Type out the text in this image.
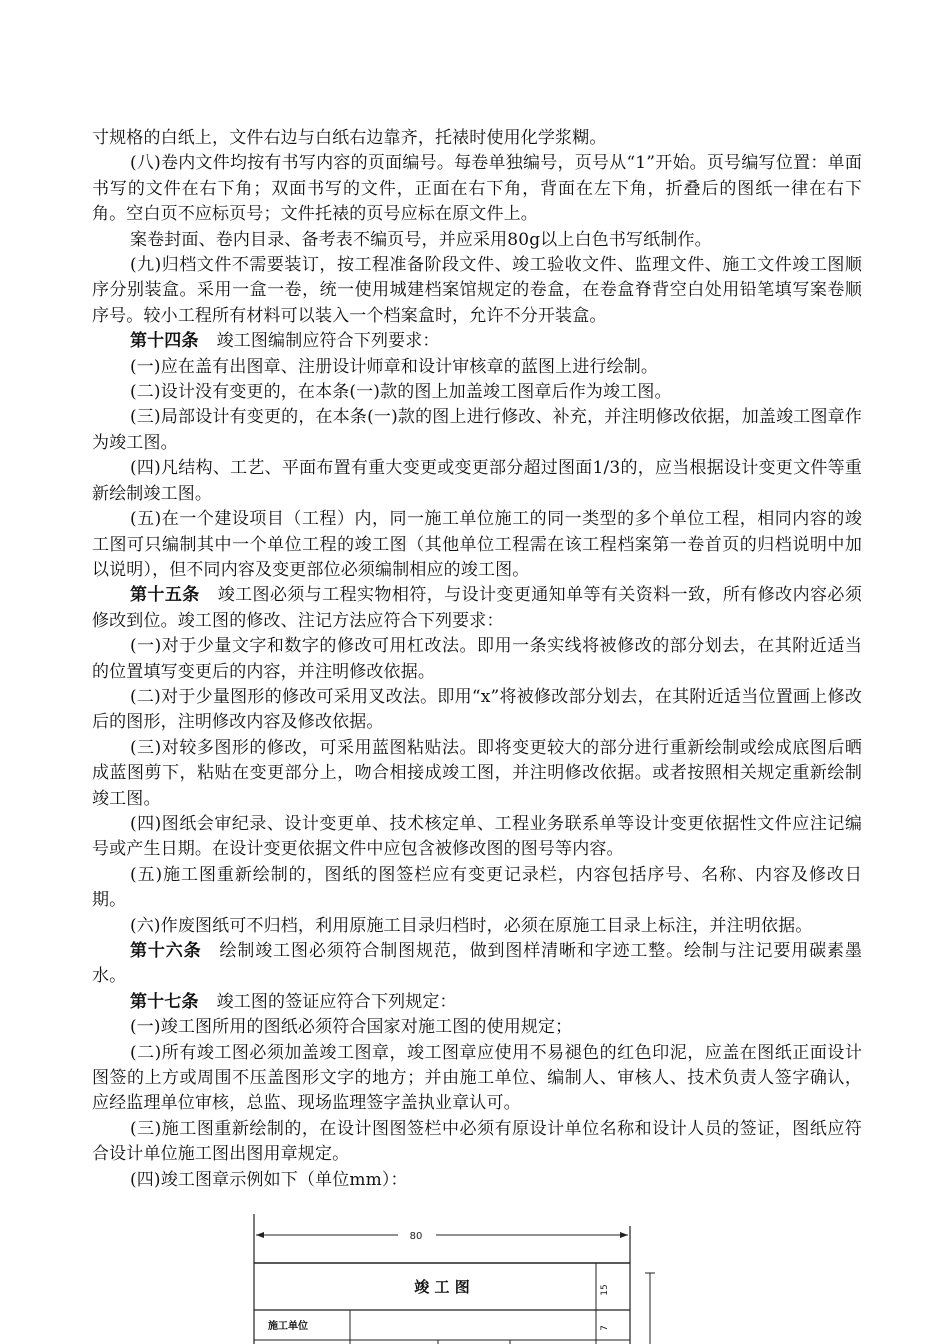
寸规格的白纸上，文件右边与白纸右边靠齐，托裱时使用化学浆糊。

(八)卷内文件均按有书写内容的页面编号。每卷单独编号，页号从“1”开始。页号编写位置：单面书写的文件在右下角；双面书写的文件，正面在右下角，背面在左下角，折叠后的图纸一律在右下角。空白页不应标页号；文件托裱的页号应标在原文件上。

案卷封面、卷内目录、备考表不编页号，并应采用80g以上白色书写纸制作。

(九)归档文件不需要装订，按工程准备阶段文件、竣工验收文件、监理文件、施工文件竣工图顺序分别装盒。采用一盒一卷，统一使用城建档案馆规定的卷盒，在卷盒脊背空白处用铅笔填写案卷顺序号。较小工程所有材料可以装入一个档案盒时，允许不分开装盒。

第十四条 竣工图编制应符合下列要求：

(一)应在盖有出图章、注册设计师章和设计审核章的蓝图上进行绘制。

(二)设计没有变更的，在本条(一)款的图上加盖竣工图章后作为竣工图。

(三)局部设计有变更的，在本条(一)款的图上进行修改、补充，并注明修改依据，加盖竣工图章作为竣工图。

(四)凡结构、工艺、平面布置有重大变更或变更部分超过图面1/3的，应当根据设计变更文件等重新绘制竣工图。

(五)在一个建设项目（工程）内，同一施工单位施工的同一类型的多个单位工程，相同内容的竣工图可只编制其中一个单位工程的竣工图（其他单位工程需在该工程档案第一卷首页的归档说明中加以说明），但不同内容及变更部位必须编制相应的竣工图。

第十五条 竣工图必须与工程实物相符，与设计变更通知单等有关资料一致，所有修改内容必须修改到位。竣工图的修改、注记方法应符合下列要求：

(一)对于少量文字和数字的修改可用杠改法。即用一条实线将被修改的部分划去，在其附近适当的位置填写变更后的内容，并注明修改依据。

(二)对于少量图形的修改可采用叉改法。即用“x”将被修改部分划去，在其附近适当位置画上修改后的图形，注明修改内容及修改依据。

(三)对较多图形的修改，可采用蓝图粘贴法。即将变更较大的部分进行重新绘制或绘成底图后晒成蓝图剪下，粘贴在变更部分上，吻合相接成竣工图，并注明修改依据。或者按照相关规定重新绘制竣工图。

(四)图纸会审纪录、设计变更单、技术核定单、工程业务联系单等设计变更依据性文件应注记编号或产生日期。在设计变更依据文件中应包含被修改图的图号等内容。

(五)施工图重新绘制的，图纸的图签栏应有变更记录栏，内容包括序号、名称、内容及修改日期。

(六)作废图纸可不归档，利用原施工目录归档时，必须在原施工目录上标注，并注明依据。

第十六条 绘制竣工图必须符合制图规范，做到图样清晰和字迹工整。绘制与注记要用碳素墨水。

第十七条 竣工图的签证应符合下列规定：

(一)竣工图所用的图纸必须符合国家对施工图的使用规定；

(二)所有竣工图必须加盖竣工图章，竣工图章应使用不易褪色的红色印泥，应盖在图纸正面设计图签的上方或周围不压盖图形文字的地方；并由施工单位、编制人、审核人、技术负责人签字确认，应经监理单位审核，总监、现场监理签字盖执业章认可。

(三)施工图重新绘制的，在设计图图签栏中必须有原设计单位名称和设计人员的签证，图纸应符合设计单位施工图出图用章规定。

(四)竣工图章示例如下（单位mm）：

80
竣 工 图
施工单位
15
7
